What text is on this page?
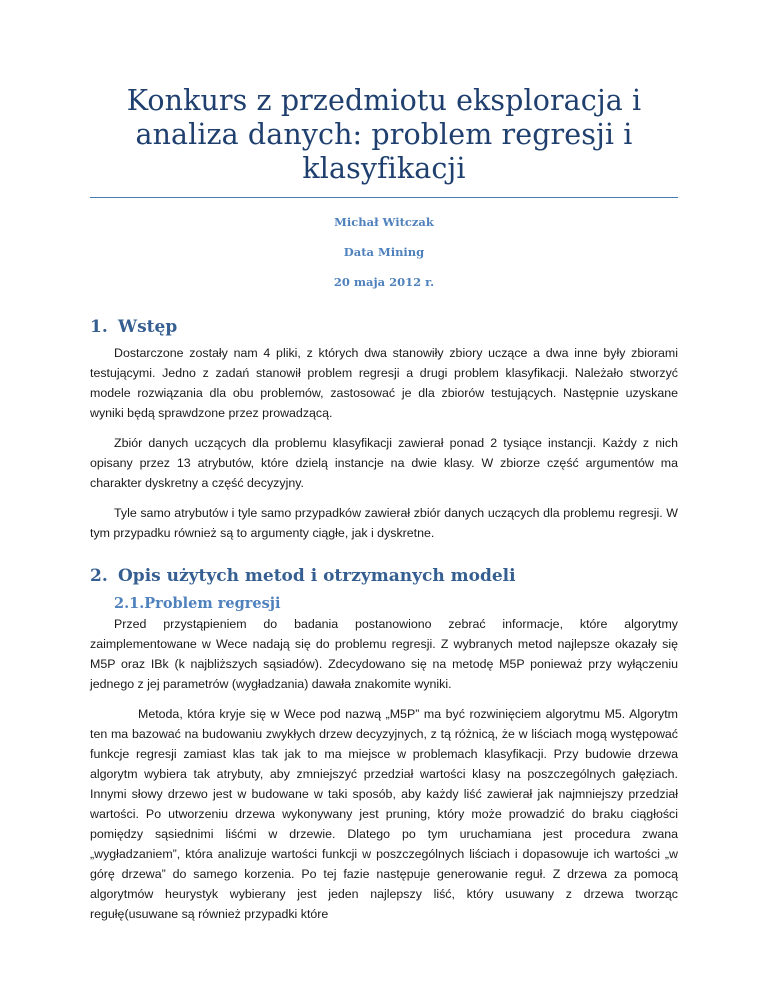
Konkurs z przedmiotu eksploracja i analiza danych: problem regresji i klasyfikacji
Michał Witczak
Data Mining
20 maja 2012 r.
1. Wstęp
Dostarczone zostały nam 4 pliki, z których dwa stanowiły zbiory uczące a dwa inne były zbiorami testującymi. Jedno z zadań stanowił problem regresji a drugi problem klasyfikacji. Należało stworzyć modele rozwiązania dla obu problemów, zastosować je dla zbiorów testujących. Następnie uzyskane wyniki będą sprawdzone przez prowadzącą.
Zbiór danych uczących dla problemu klasyfikacji zawierał ponad 2 tysiące instancji. Każdy z nich opisany przez 13 atrybutów, które dzielą instancje na dwie klasy. W zbiorze część argumentów ma charakter dyskretny a część decyzyjny.
Tyle samo atrybutów i tyle samo przypadków zawierał zbiór danych uczących dla problemu regresji. W tym przypadku również są to argumenty ciągłe, jak i dyskretne.
2. Opis użytych metod i otrzymanych modeli
2.1.Problem regresji
Przed przystąpieniem do badania postanowiono zebrać informacje, które algorytmy zaimplementowane w Wece nadają się do problemu regresji. Z wybranych metod najlepsze okazały się M5P oraz IBk (k najbliższych sąsiadów). Zdecydowano się na metodę M5P ponieważ przy wyłączeniu jednego z jej parametrów (wygładzania) dawała znakomite wyniki.
Metoda, która kryje się w Wece pod nazwą „M5P” ma być rozwinięciem algorytmu M5. Algorytm ten ma bazować na budowaniu zwykłych drzew decyzyjnych, z tą różnicą, że w liściach mogą występować funkcje regresji zamiast klas tak jak to ma miejsce w problemach klasyfikacji. Przy budowie drzewa algorytm wybiera tak atrybuty, aby zmniejszyć przedział wartości klasy na poszczególnych gałęziach. Innymi słowy drzewo jest w budowane w taki sposób, aby każdy liść zawierał jak najmniejszy przedział wartości. Po utworzeniu drzewa wykonywany jest pruning, który może prowadzić do braku ciągłości pomiędzy sąsiednimi liśćmi w drzewie. Dlatego po tym uruchamiana jest procedura zwana „wygładzaniem”, która analizuje wartości funkcji w poszczególnych liściach i dopasowuje ich wartości „w górę drzewa” do samego korzenia. Po tej fazie następuje generowanie reguł. Z drzewa za pomocą algorytmów heurystyk wybierany jest jeden najlepszy liść, który usuwany z drzewa tworząc regułę(usuwane są również przypadki które
